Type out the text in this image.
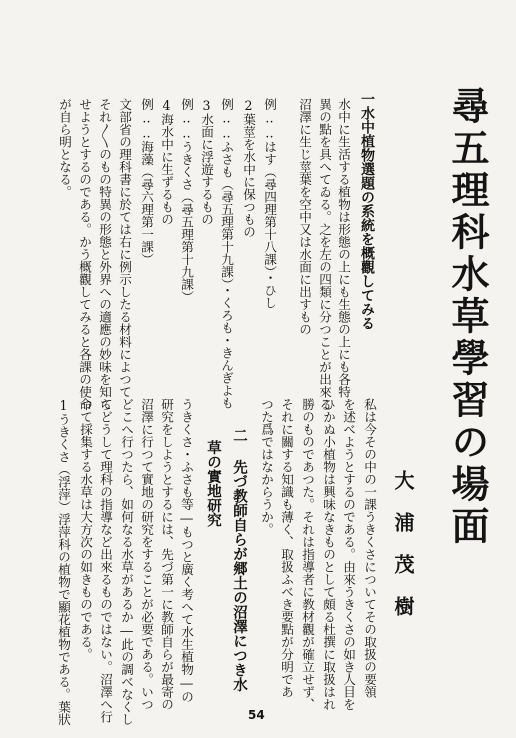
尋五理科水草學習の場面
大浦茂樹
一水中植物選題の系統を概觀してみる
水中に生活する植物は形態の上にも生態の上にも各特
異の點を具へてゐる。之を左の四類に分つことが出來る
沼澤に生じ莖葉を空中又は水面に出すもの
例‥‥はす（尋四理第十八課）・ひし
2葉莖を水中に保つもの
例‥‥ふさも（尋五理第十九課）・くろも・きんぎよも
3水面に浮遊するもの
例‥‥うきくさ（尋五理第十九課）
4海水中に生ずるもの
例‥‥海藻（尋六理第一課）
文部省の理科書に於ては右に例示したる材料によつて
それ〳〵のもの特異の形態と外界への適應の妙味を知ら
せようとするのである。かう概觀してみると各課の使命
が自ら明となる。
私は今その中の一課うきくさについてその取扱の要領
を述べようとするのである。由來うきくさの如き人目を
ひかぬ小植物は興味なきものとして頗る杜撰に取扱はれ
勝のものであつた。それは指導者に教材觀が確立せず、
それに關する知識も薄く、取扱ふべき要點が分明であ
つた爲ではなからうか。
二 先づ教師自らが郷土の沼澤につき水
草の實地研究
うきくさ・ふさも等―もつと廣く考へて水生植物―の
研究をしようとするには、先づ第一に教師自らが最寄の
沼澤に行つて實地の研究をすることが必要である。いつ
どこへ行つたら、如何なる水草があるか―此の調べなくし
てどうして理科の指導など出來るものではない。沼澤へ行
つて採集する水草は大方次の如きものである。
1うきくさ（浮萍）浮萍科の植物で顯花植物である。葉狀	54
